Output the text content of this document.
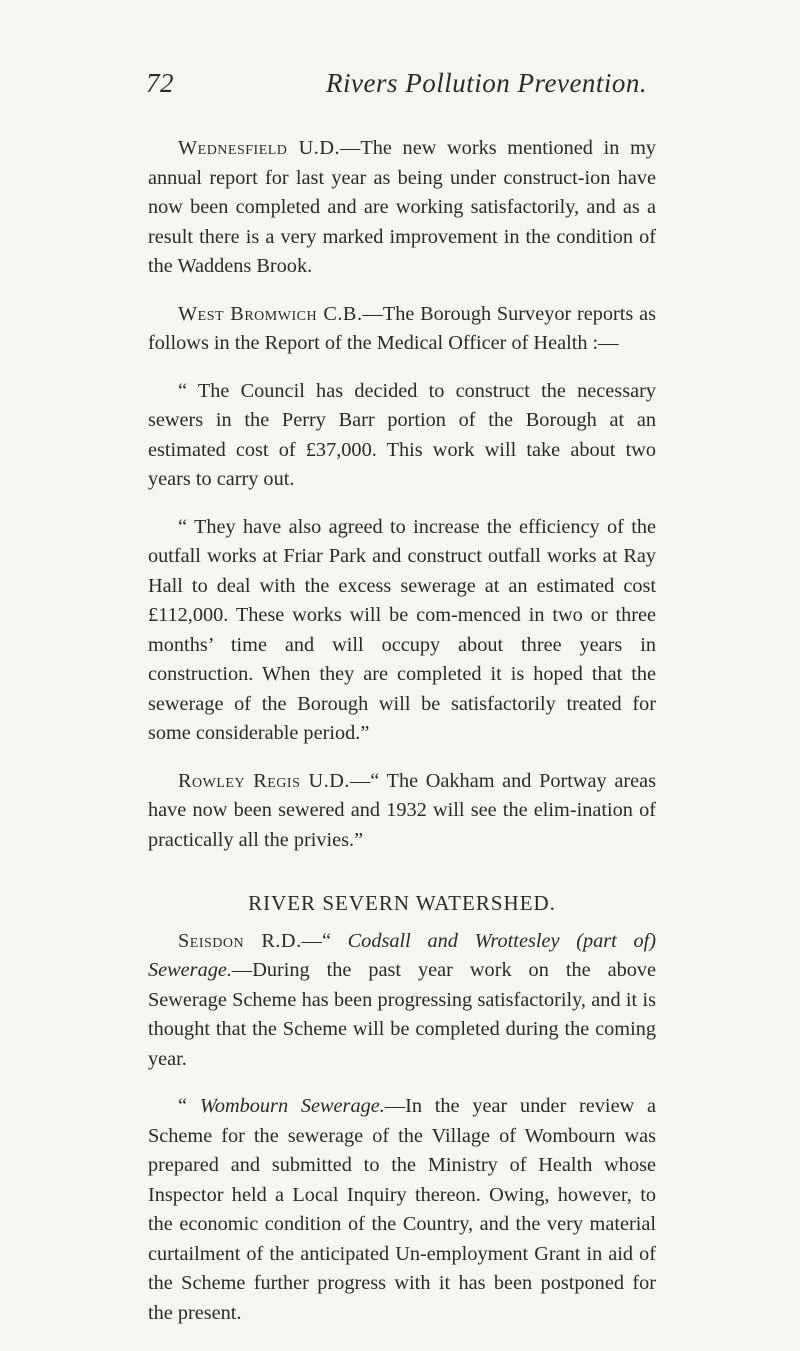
72	Rivers Pollution Prevention.

Wednesfield U.D.—The new works mentioned in my annual report for last year as being under construct-ion have now been completed and are working satisfactorily, and as a result there is a very marked improvement in the condition of the Waddens Brook.

West Bromwich C.B.—The Borough Surveyor reports as follows in the Report of the Medical Officer of Health :—

“ The Council has decided to construct the necessary sewers in the Perry Barr portion of the Borough at an estimated cost of £37,000. This work will take about two years to carry out.

“ They have also agreed to increase the efficiency of the outfall works at Friar Park and construct outfall works at Ray Hall to deal with the excess sewerage at an estimated cost £112,000. These works will be com-menced in two or three months’ time and will occupy about three years in construction. When they are completed it is hoped that the sewerage of the Borough will be satisfactorily treated for some considerable period.”

Rowley Regis U.D.—“ The Oakham and Portway areas have now been sewered and 1932 will see the elim-ination of practically all the privies.”

RIVER SEVERN WATERSHED.

Seisdon R.D.—“ Codsall and Wrottesley (part of) Sewerage.—During the past year work on the above Sewerage Scheme has been progressing satisfactorily, and it is thought that the Scheme will be completed during the coming year.

“ Wombourn Sewerage.—In the year under review a Scheme for the sewerage of the Village of Wombourn was prepared and submitted to the Ministry of Health whose Inspector held a Local Inquiry thereon. Owing, however, to the economic condition of the Country, and the very material curtailment of the anticipated Un-employment Grant in aid of the Scheme further progress with it has been postponed for the present.
